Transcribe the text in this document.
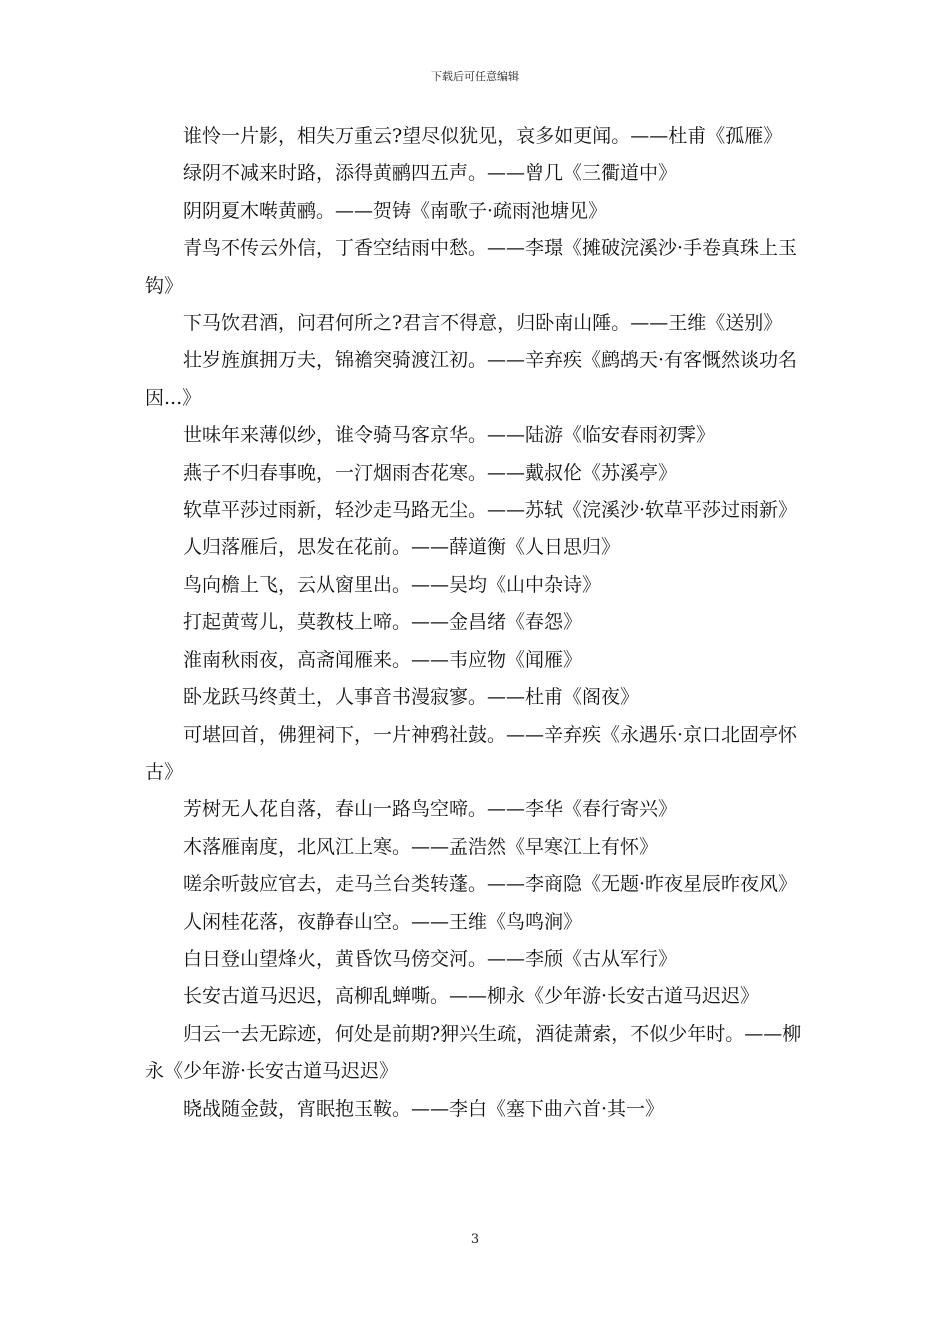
下载后可任意编辑

谁怜一片影，相失万重云?望尽似犹见，哀多如更闻。——杜甫《孤雁》

绿阴不减来时路，添得黄鹂四五声。——曾几《三衢道中》

阴阴夏木啭黄鹂。——贺铸《南歌子·疏雨池塘见》

青鸟不传云外信，丁香空结雨中愁。——李璟《摊破浣溪沙·手卷真珠上玉钩》

下马饮君酒，问君何所之?君言不得意，归卧南山陲。——王维《送别》

壮岁旌旗拥万夫，锦襜突骑渡江初。——辛弃疾《鹧鸪天·有客慨然谈功名因...》

世味年来薄似纱，谁令骑马客京华。——陆游《临安春雨初霁》

燕子不归春事晚，一汀烟雨杏花寒。——戴叔伦《苏溪亭》

软草平莎过雨新，轻沙走马路无尘。——苏轼《浣溪沙·软草平莎过雨新》

人归落雁后，思发在花前。——薛道衡《人日思归》

鸟向檐上飞，云从窗里出。——吴均《山中杂诗》

打起黄莺儿，莫教枝上啼。——金昌绪《春怨》

淮南秋雨夜，高斋闻雁来。——韦应物《闻雁》

卧龙跃马终黄土，人事音书漫寂寥。——杜甫《阁夜》

可堪回首，佛狸祠下，一片神鸦社鼓。——辛弃疾《永遇乐·京口北固亭怀古》

芳树无人花自落，春山一路鸟空啼。——李华《春行寄兴》

木落雁南度，北风江上寒。——孟浩然《早寒江上有怀》

嗟余听鼓应官去，走马兰台类转蓬。——李商隐《无题·昨夜星辰昨夜风》

人闲桂花落，夜静春山空。——王维《鸟鸣涧》

白日登山望烽火，黄昏饮马傍交河。——李颀《古从军行》

长安古道马迟迟，高柳乱蝉嘶。——柳永《少年游·长安古道马迟迟》

归云一去无踪迹，何处是前期?狎兴生疏，酒徒萧索，不似少年时。——柳永《少年游·长安古道马迟迟》

晓战随金鼓，宵眠抱玉鞍。——李白《塞下曲六首·其一》

3
